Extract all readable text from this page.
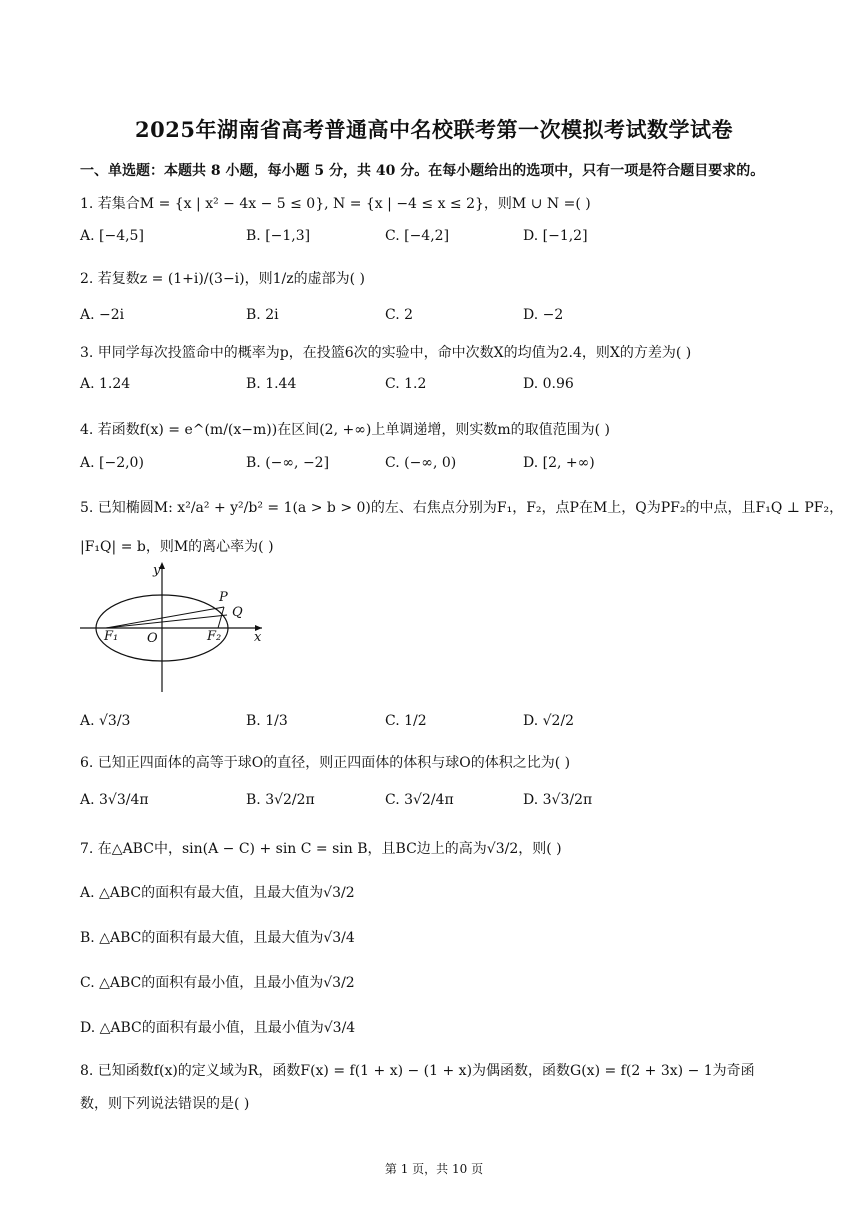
2025年湖南省高考普通高中名校联考第一次模拟考试数学试卷
一、单选题：本题共 8 小题，每小题 5 分，共 40 分。在每小题给出的选项中，只有一项是符合题目要求的。
1. 若集合M = {x | x² − 4x − 5 ≤ 0}, N = {x | −4 ≤ x ≤ 2}，则M ∪ N =( )
A. [−4,5]	B. [−1,3]	C. [−4,2]	D. [−1,2]
2. 若复数z = (1+i)/(3−i)，则1/z的虚部为( )
A. −2i	B. 2i	C. 2	D. −2
3. 甲同学每次投篮命中的概率为p，在投篮6次的实验中，命中次数X的均值为2.4，则X的方差为( )
A. 1.24	B. 1.44	C. 1.2	D. 0.96
4. 若函数f(x) = e^(m/(x−m))在区间(2, +∞)上单调递增，则实数m的取值范围为( )
A. [−2,0)	B. (−∞, −2]	C. (−∞, 0)	D. [2, +∞)
5. 已知椭圆M: x²/a² + y²/b² = 1(a > b > 0)的左、右焦点分别为F₁，F₂，点P在M上，Q为PF₂的中点，且F₁Q ⊥ PF₂，
|F₁Q| = b，则M的离心率为( )
y
x
P
Q
F₁ O	F₂
A. √3/3	B. 1/3	C. 1/2	D. √2/2
6. 已知正四面体的高等于球O的直径，则正四面体的体积与球O的体积之比为( )
A. 3√3/4π	B. 3√2/2π	C. 3√2/4π	D. 3√3/2π
7. 在△ABC中，sin(A − C) + sin C = sin B，且BC边上的高为√3/2，则( )
A. △ABC的面积有最大值，且最大值为√3/2
B. △ABC的面积有最大值，且最大值为√3/4
C. △ABC的面积有最小值，且最小值为√3/2
D. △ABC的面积有最小值，且最小值为√3/4
8. 已知函数f(x)的定义域为R，函数F(x) = f(1 + x) − (1 + x)为偶函数，函数G(x) = f(2 + 3x) − 1为奇函
数，则下列说法错误的是( )
第 1 页，共 10 页
